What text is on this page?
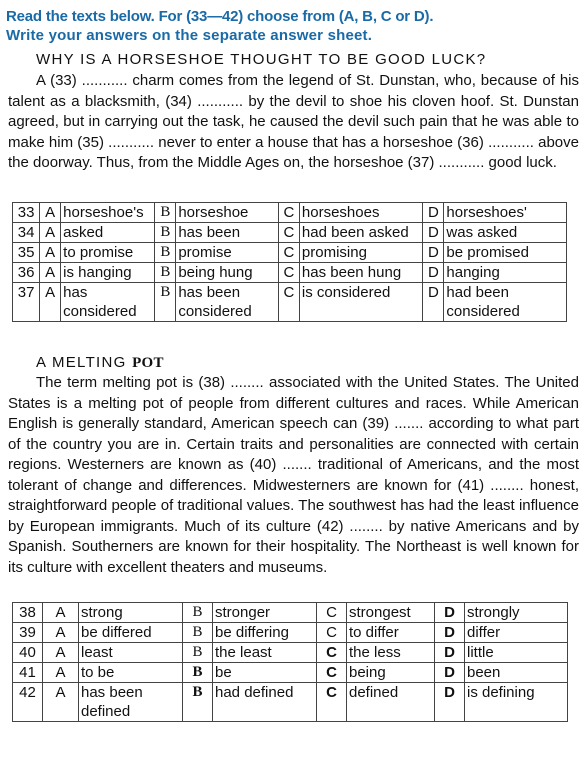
Read the texts below. For (33—42) choose from (A, B, C or D).
Write your answers on the separate answer sheet.
WHY IS A HORSESHOE THOUGHT TO BE GOOD LUCK?

A (33) ........... charm comes from the legend of St. Dunstan, who, because of his talent as a blacksmith, (34) ........... by the devil to shoe his cloven hoof. St. Dunstan agreed, but in carrying out the task, he caused the devil such pain that he was able to make him (35) ........... never to enter a house that has a horseshoe (36) ........... above the doorway. Thus, from the Middle Ages on, the horseshoe (37) ........... good luck.

33	A	horseshoe's	B	horseshoe	C	horseshoes	D	horseshoes'
34	A	asked	B	has been	C	had been asked	D	was asked
35	A	to promise	B	promise	C	promising	D	be promised
36	A	is hanging	B	being hung	C	has been hung	D	hanging
37	A	has considered	B	has been considered	C	is considered	D	had been considered
A MELTING POT

The term melting pot is (38) ........ associated with the United States. The United States is a melting pot of people from different cultures and races. While American English is generally standard, American speech can (39) ....... according to what part of the country you are in. Certain traits and personalities are connected with certain regions. Westerners are known as (40) ....... traditional of Americans, and the most tolerant of change and differences. Midwesterners are known for (41) ........ honest, straightforward people of traditional values. The southwest has had the least influence by European immigrants. Much of its culture (42) ........ by native Americans and by Spanish. Southerners are known for their hospitality. The Northeast is well known for its culture with excellent theaters and museums.

38	A	strong	B	stronger	C	strongest	D	strongly
39	A	be differed	B	be differing	C	to differ	D	differ
40	A	least	B	the least	C	the less	D	little
41	A	to be	B	be	C	being	D	been
42	A	has been defined	B	had defined	C	defined	D	is defining
